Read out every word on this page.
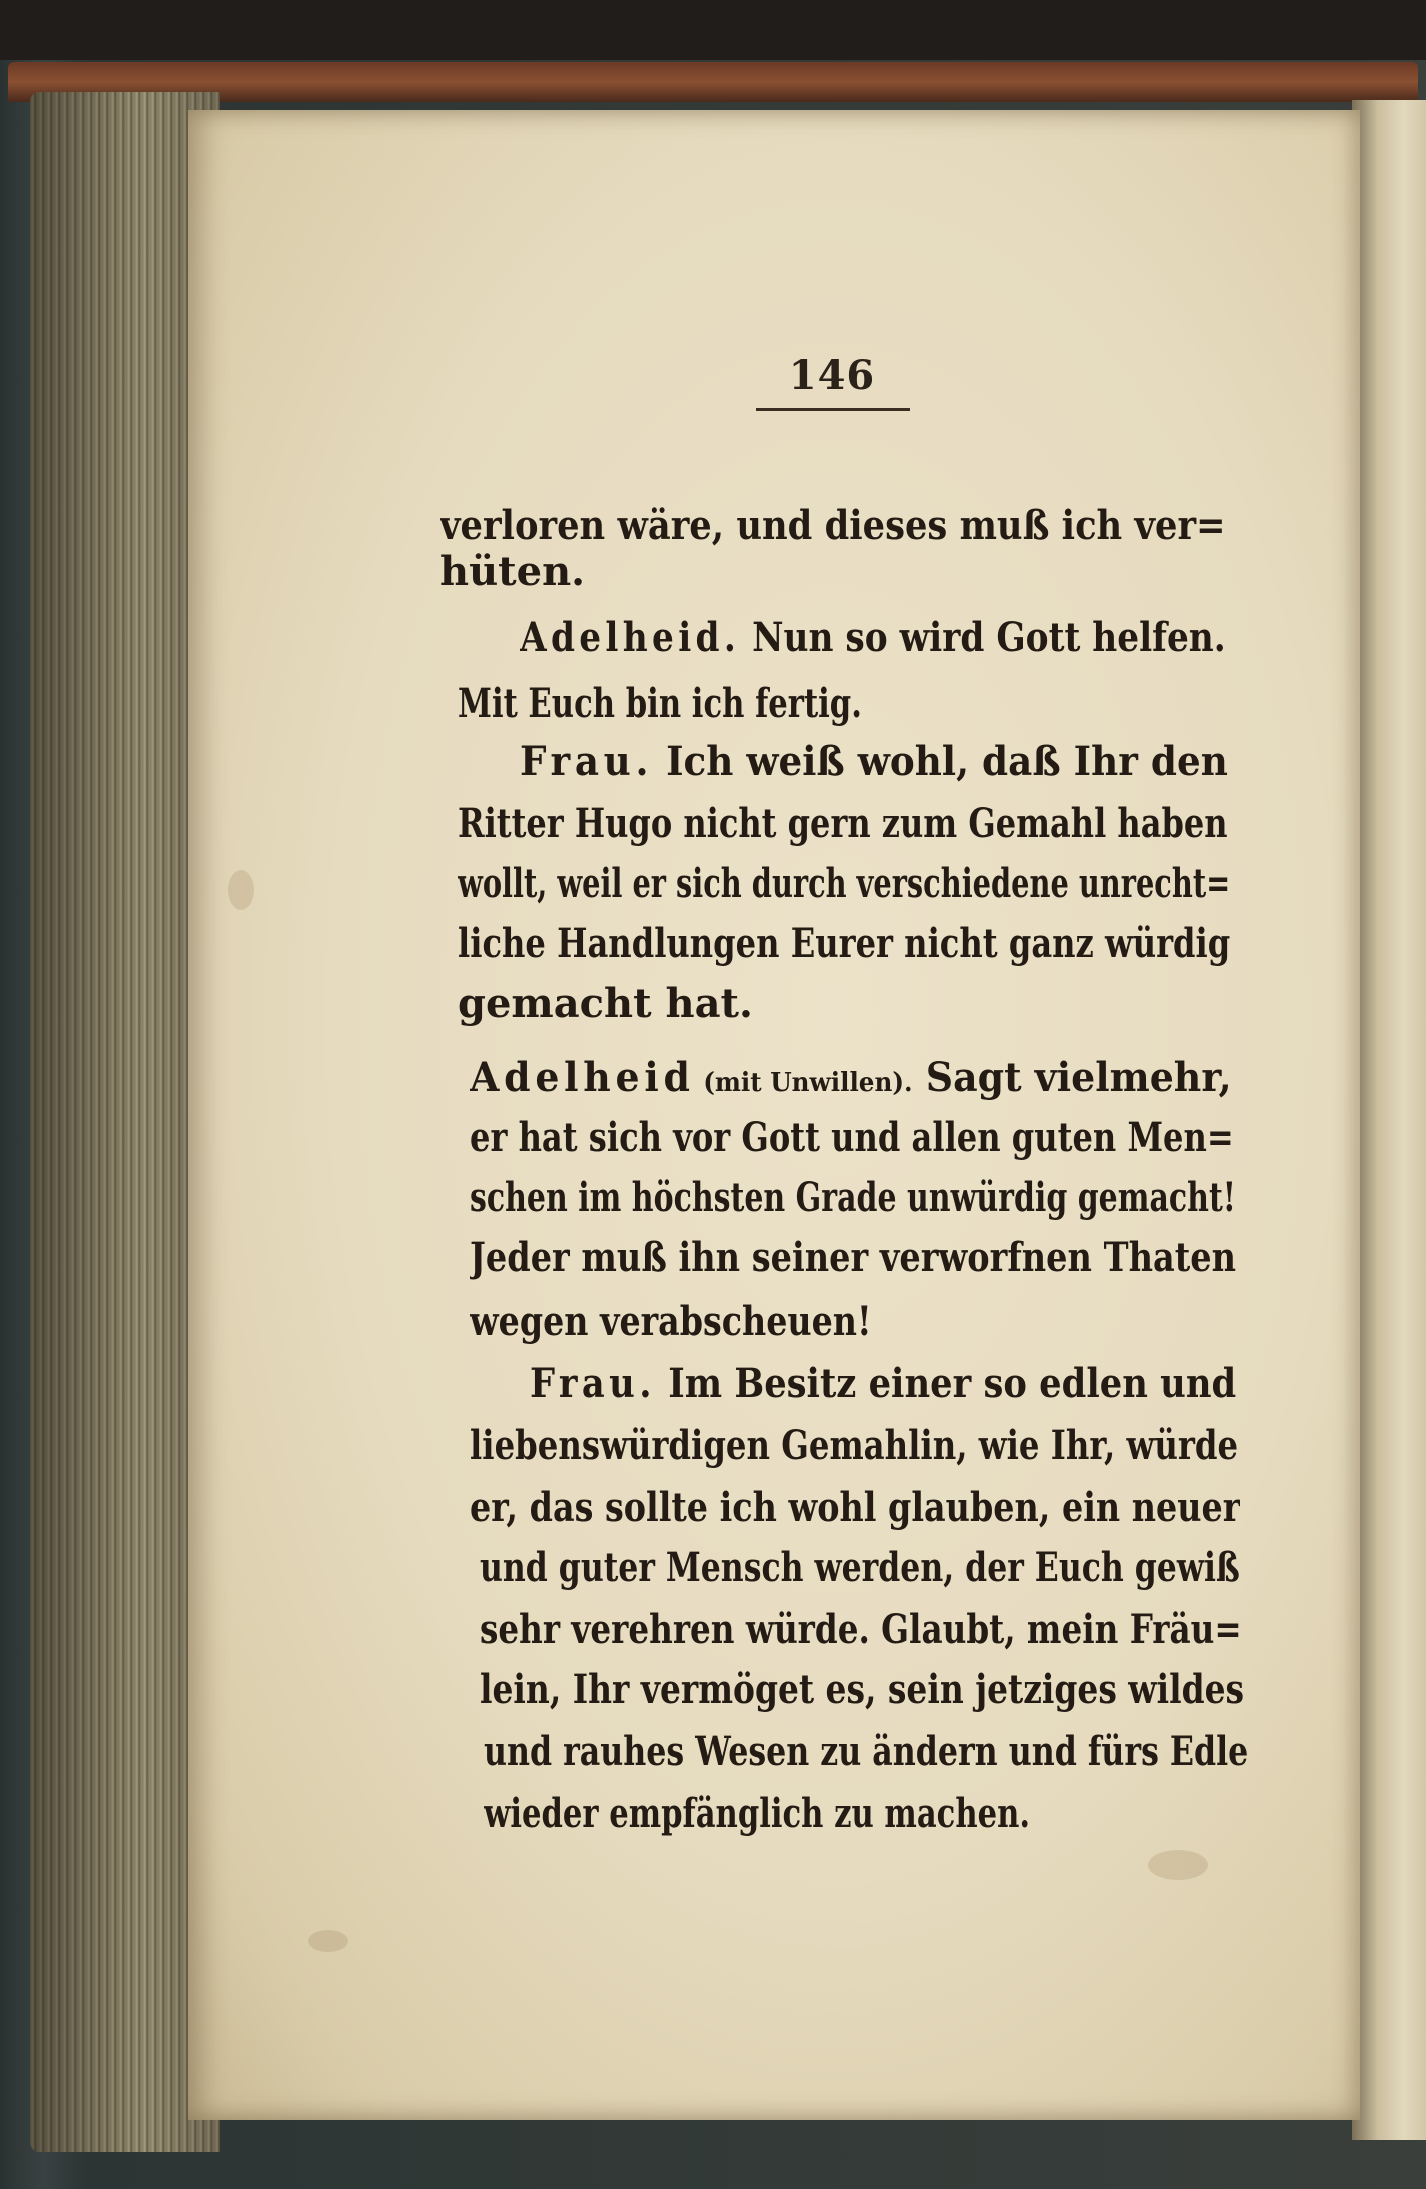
146
verloren wäre, und dieses muß ich ver=
hüten.
Adelheid. Nun so wird Gott helfen.
Mit Euch bin ich fertig.
Frau. Ich weiß wohl, daß Ihr den
Ritter Hugo nicht gern zum Gemahl haben
wollt, weil er sich durch verschiedene unrecht=
liche Handlungen Eurer nicht ganz würdig
gemacht hat.
Adelheid (mit Unwillen). Sagt vielmehr,
er hat sich vor Gott und allen guten Men=
schen im höchsten Grade unwürdig gemacht!
Jeder muß ihn seiner verworfnen Thaten
wegen verabscheuen!
Frau. Im Besitz einer so edlen und
liebenswürdigen Gemahlin, wie Ihr, würde
er, das sollte ich wohl glauben, ein neuer
und guter Mensch werden, der Euch gewiß
sehr verehren würde. Glaubt, mein Fräu=
lein, Ihr vermöget es, sein jetziges wildes
und rauhes Wesen zu ändern und fürs Edle
wieder empfänglich zu machen.
